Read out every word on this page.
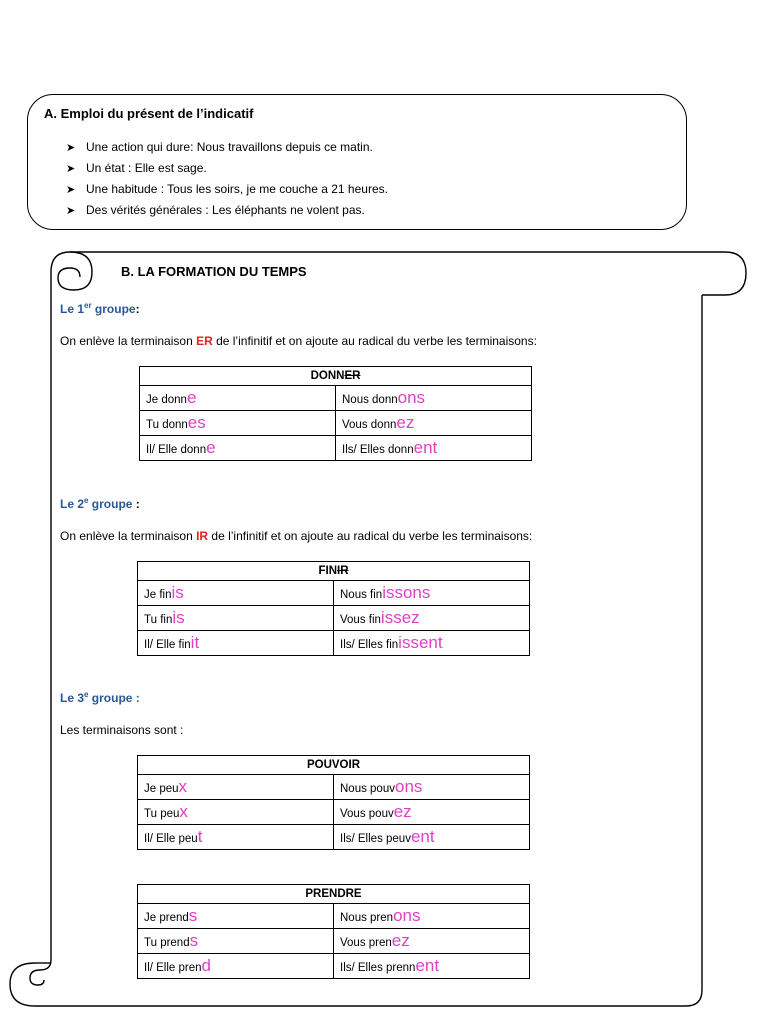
A. Emploi du présent de l’indicatif
➤ Une action qui dure: Nous travaillons depuis ce matin.
➤ Un état : Elle est sage.
➤ Une habitude : Tous les soirs, je me couche a 21 heures.
➤ Des vérités générales : Les éléphants ne volent pas.
B. LA FORMATION DU TEMPS
Le 1er groupe:
On enlève la terminaison ER de l’infinitif et on ajoute au radical du verbe les terminaisons:
DONNER	
Je donne	Nous donnons
Tu donnes	Vous donnez
Il/ Elle donne	Ils/ Elles donnent
Le 2e groupe :
On enlève la terminaison IR de l’infinitif et on ajoute au radical du verbe les terminaisons:
FINIR	
Je finis	Nous finissons
Tu finis	Vous finissez
Il/ Elle finit	Ils/ Elles finissent
Le 3e groupe :
Les terminaisons sont :
POUVOIR	
Je peux	Nous pouvons
Tu peux	Vous pouvez
Il/ Elle peut	Ils/ Elles peuvent
PRENDRE	
Je prends	Nous prenons
Tu prends	Vous prenez
Il/ Elle prend	Ils/ Elles prennent
